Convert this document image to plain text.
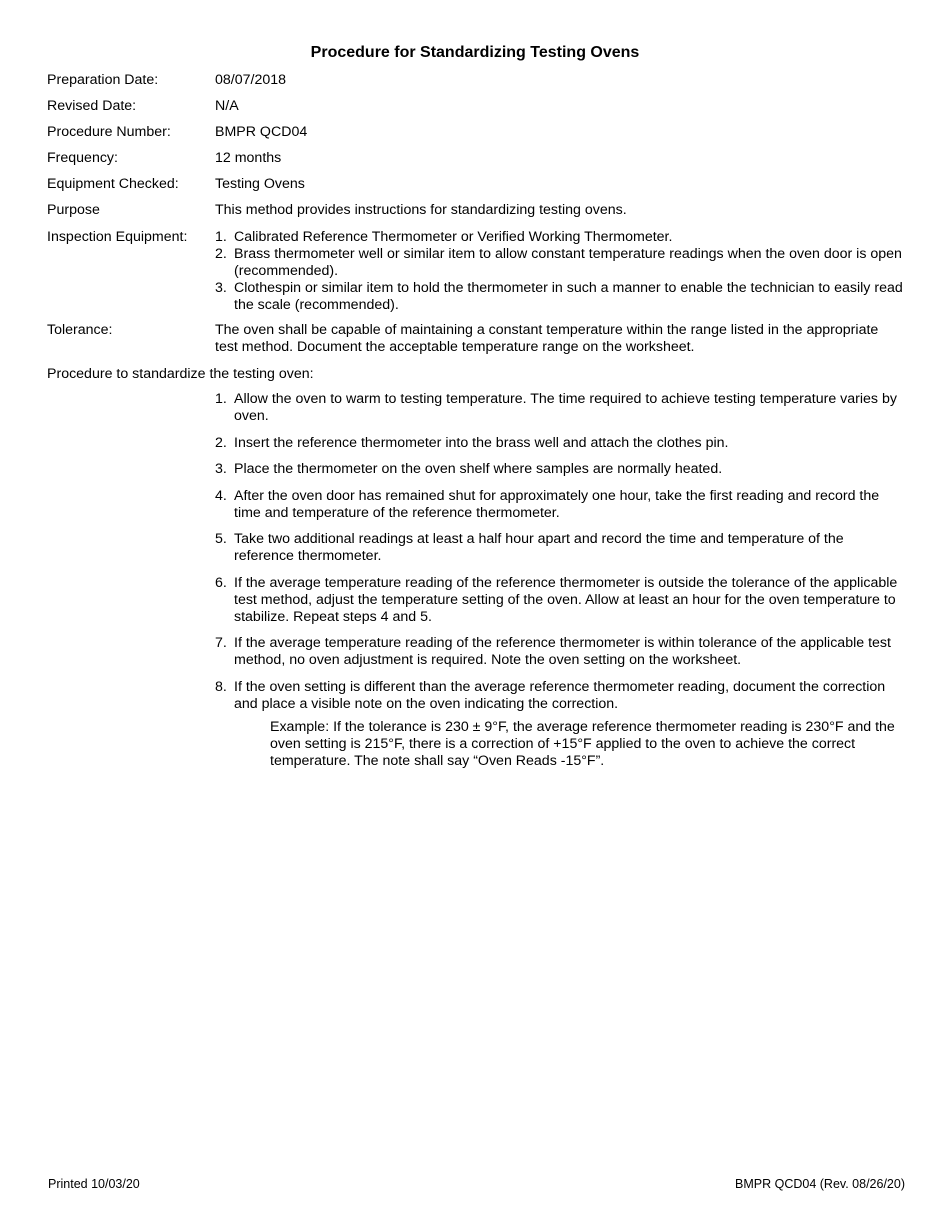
Procedure for Standardizing Testing Ovens
Preparation Date:	08/07/2018
Revised Date:	N/A
Procedure Number:	BMPR QCD04
Frequency:	12 months
Equipment Checked:	Testing Ovens
Purpose	This method provides instructions for standardizing testing ovens.
Inspection Equipment:	1. Calibrated Reference Thermometer or Verified Working Thermometer.
2. Brass thermometer well or similar item to allow constant temperature readings when the oven door is open (recommended).
3. Clothespin or similar item to hold the thermometer in such a manner to enable the technician to easily read the scale (recommended).
Tolerance:	The oven shall be capable of maintaining a constant temperature within the range listed in the appropriate test method. Document the acceptable temperature range on the worksheet.
Procedure to standardize the testing oven:
1. Allow the oven to warm to testing temperature. The time required to achieve testing temperature varies by oven.
2. Insert the reference thermometer into the brass well and attach the clothes pin.
3. Place the thermometer on the oven shelf where samples are normally heated.
4. After the oven door has remained shut for approximately one hour, take the first reading and record the time and temperature of the reference thermometer.
5. Take two additional readings at least a half hour apart and record the time and temperature of the reference thermometer.
6. If the average temperature reading of the reference thermometer is outside the tolerance of the applicable test method, adjust the temperature setting of the oven. Allow at least an hour for the oven temperature to stabilize. Repeat steps 4 and 5.
7. If the average temperature reading of the reference thermometer is within tolerance of the applicable test method, no oven adjustment is required. Note the oven setting on the worksheet.
8. If the oven setting is different than the average reference thermometer reading, document the correction and place a visible note on the oven indicating the correction.
Example: If the tolerance is 230 ± 9°F, the average reference thermometer reading is 230°F and the oven setting is 215°F, there is a correction of +15°F applied to the oven to achieve the correct temperature. The note shall say “Oven Reads -15°F”.
Printed 10/03/20	BMPR QCD04 (Rev. 08/26/20)
